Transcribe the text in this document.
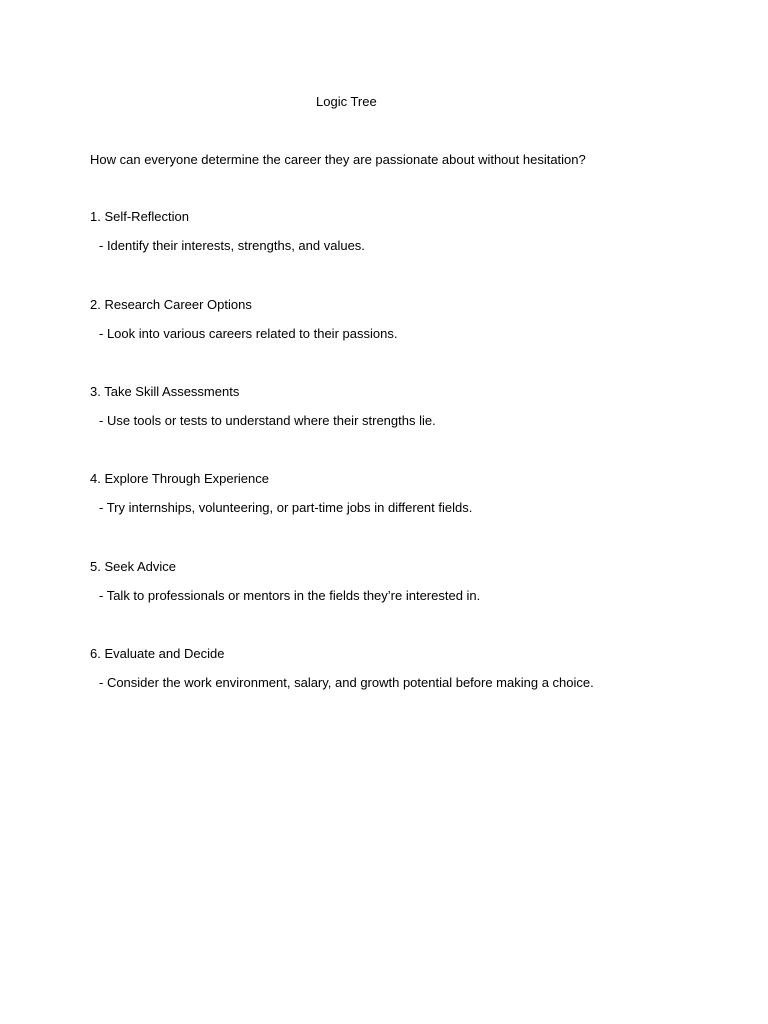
Logic Tree
How can everyone determine the career they are passionate about without hesitation?
1. Self-Reflection
- Identify their interests, strengths, and values.
2. Research Career Options
- Look into various careers related to their passions.
3. Take Skill Assessments
- Use tools or tests to understand where their strengths lie.
4. Explore Through Experience
- Try internships, volunteering, or part-time jobs in different fields.
5. Seek Advice
- Talk to professionals or mentors in the fields they’re interested in.
6. Evaluate and Decide
- Consider the work environment, salary, and growth potential before making a choice.
